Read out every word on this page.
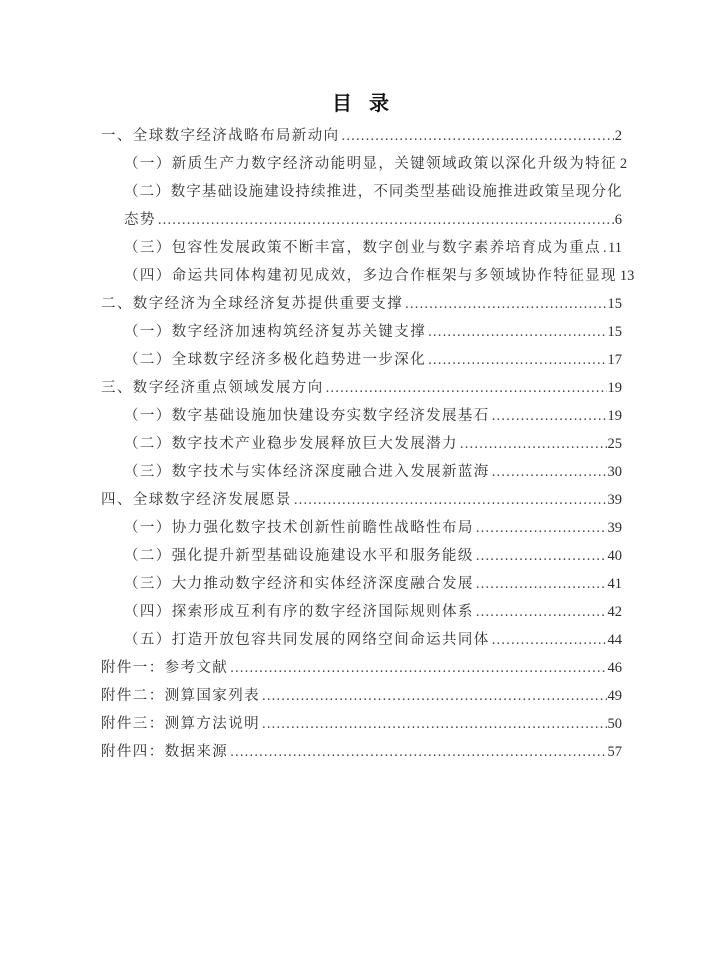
目  录
一、全球数字经济战略布局新动向 .....	2
（一）新质生产力数字经济动能明显，关键领域政策以深化升级为特征 2
（二）数字基础设施建设持续推进，不同类型基础设施推进政策呈现分化
态势 .....	6
（三）包容性发展政策不断丰富，数字创业与数字素养培育成为重点 ..... 11
（四）命运共同体构建初见成效，多边合作框架与多领域协作特征显现 13
二、数字经济为全球经济复苏提供重要支撑 .....	15
（一）数字经济加速构筑经济复苏关键支撑 .....	15
（二）全球数字经济多极化趋势进一步深化 .....	17
三、数字经济重点领域发展方向 .....	19
（一）数字基础设施加快建设夯实数字经济发展基石 .....	19
（二）数字技术产业稳步发展释放巨大发展潜力 .....	25
（三）数字技术与实体经济深度融合进入发展新蓝海 .....	30
四、全球数字经济发展愿景 .....	39
（一）协力强化数字技术创新性前瞻性战略性布局 .....	39
（二）强化提升新型基础设施建设水平和服务能级 .....	40
（三）大力推动数字经济和实体经济深度融合发展 .....	41
（四）探索形成互利有序的数字经济国际规则体系 .....	42
（五）打造开放包容共同发展的网络空间命运共同体 .....	44
附件一：参考文献 .....	46
附件二：测算国家列表 .....	49
附件三：测算方法说明 .....	50
附件四：数据来源 .....	57
